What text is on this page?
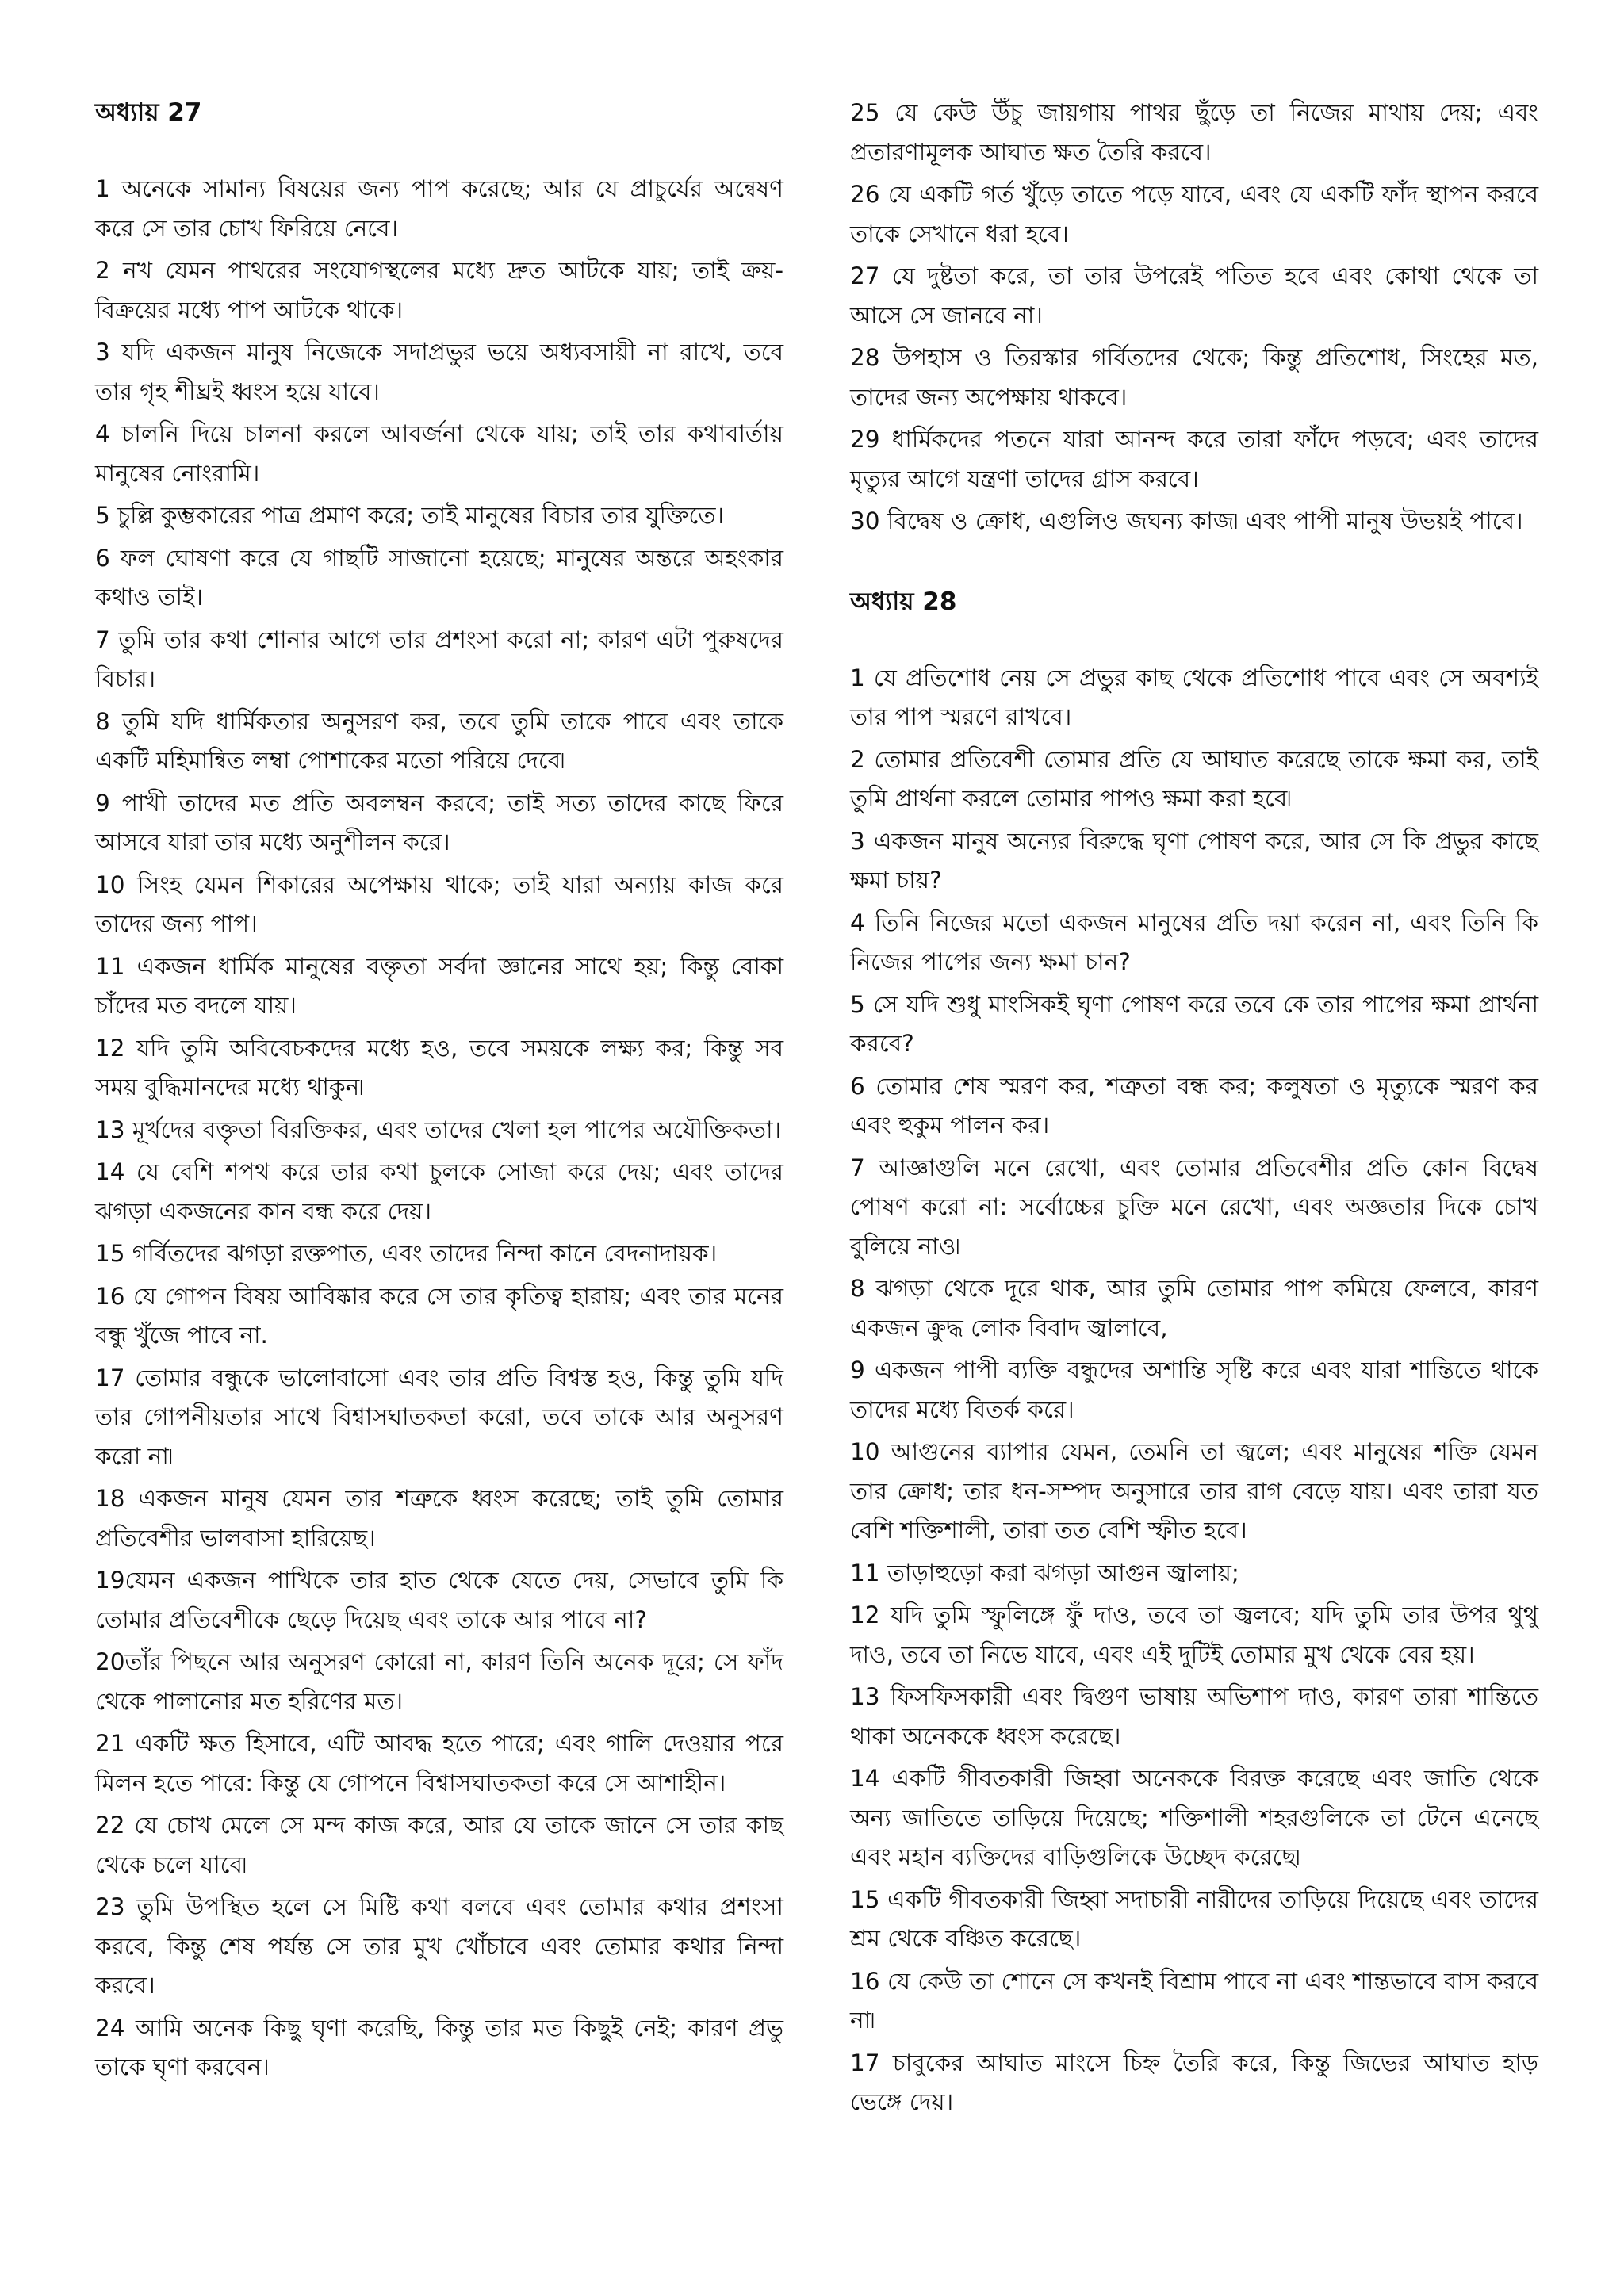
অধ্যায় 27

1 অনেকে সামান্য বিষয়ের জন্য পাপ করেছে; আর যে প্রাচুর্যের অন্বেষণ করে সে তার চোখ ফিরিয়ে নেবে।

2 নখ যেমন পাথরের সংযোগস্থলের মধ্যে দ্রুত আটকে যায়; তাই ক্রয়-বিক্রয়ের মধ্যে পাপ আটকে থাকে।

3 যদি একজন মানুষ নিজেকে সদাপ্রভুর ভয়ে অধ্যবসায়ী না রাখে, তবে তার গৃহ শীঘ্রই ধ্বংস হয়ে যাবে।

4 চালনি দিয়ে চালনা করলে আবর্জনা থেকে যায়; তাই তার কথাবার্তায় মানুষের নোংরামি।

5 চুল্লি কুম্ভকারের পাত্র প্রমাণ করে; তাই মানুষের বিচার তার যুক্তিতে।

6 ফল ঘোষণা করে যে গাছটি সাজানো হয়েছে; মানুষের অন্তরে অহংকার কথাও তাই।

7 তুমি তার কথা শোনার আগে তার প্রশংসা করো না; কারণ এটা পুরুষদের বিচার।

8 তুমি যদি ধার্মিকতার অনুসরণ কর, তবে তুমি তাকে পাবে এবং তাকে একটি মহিমান্বিত লম্বা পোশাকের মতো পরিয়ে দেবে৷

9 পাখী তাদের মত প্রতি অবলম্বন করবে; তাই সত্য তাদের কাছে ফিরে আসবে যারা তার মধ্যে অনুশীলন করে।

10 সিংহ যেমন শিকারের অপেক্ষায় থাকে; তাই যারা অন্যায় কাজ করে তাদের জন্য পাপ।

11 একজন ধার্মিক মানুষের বক্তৃতা সর্বদা জ্ঞানের সাথে হয়; কিন্তু বোকা চাঁদের মত বদলে যায়।

12 যদি তুমি অবিবেচকদের মধ্যে হও, তবে সময়কে লক্ষ্য কর; কিন্তু সব সময় বুদ্ধিমানদের মধ্যে থাকুন৷

13 মূর্খদের বক্তৃতা বিরক্তিকর, এবং তাদের খেলা হল পাপের অযৌক্তিকতা।

14 যে বেশি শপথ করে তার কথা চুলকে সোজা করে দেয়; এবং তাদের ঝগড়া একজনের কান বন্ধ করে দেয়।

15 গর্বিতদের ঝগড়া রক্তপাত, এবং তাদের নিন্দা কানে বেদনাদায়ক।

16 যে গোপন বিষয় আবিষ্কার করে সে তার কৃতিত্ব হারায়; এবং তার মনের বন্ধু খুঁজে পাবে না.

17 তোমার বন্ধুকে ভালোবাসো এবং তার প্রতি বিশ্বস্ত হও, কিন্তু তুমি যদি তার গোপনীয়তার সাথে বিশ্বাসঘাতকতা করো, তবে তাকে আর অনুসরণ করো না৷

18 একজন মানুষ যেমন তার শত্রুকে ধ্বংস করেছে; তাই তুমি তোমার প্রতিবেশীর ভালবাসা হারিয়েছ।

19যেমন একজন পাখিকে তার হাত থেকে যেতে দেয়, সেভাবে তুমি কি তোমার প্রতিবেশীকে ছেড়ে দিয়েছ এবং তাকে আর পাবে না?

20তাঁর পিছনে আর অনুসরণ কোরো না, কারণ তিনি অনেক দূরে; সে ফাঁদ থেকে পালানোর মত হরিণের মত।

21 একটি ক্ষত হিসাবে, এটি আবদ্ধ হতে পারে; এবং গালি দেওয়ার পরে মিলন হতে পারে: কিন্তু যে গোপনে বিশ্বাসঘাতকতা করে সে আশাহীন।

22 যে চোখ মেলে সে মন্দ কাজ করে, আর যে তাকে জানে সে তার কাছ থেকে চলে যাবে৷

23 তুমি উপস্থিত হলে সে মিষ্টি কথা বলবে এবং তোমার কথার প্রশংসা করবে, কিন্তু শেষ পর্যন্ত সে তার মুখ খোঁচাবে এবং তোমার কথার নিন্দা করবে।

24 আমি অনেক কিছু ঘৃণা করেছি, কিন্তু তার মত কিছুই নেই; কারণ প্রভু তাকে ঘৃণা করবেন।

25 যে কেউ উঁচু জায়গায় পাথর ছুঁড়ে তা নিজের মাথায় দেয়; এবং প্রতারণামূলক আঘাত ক্ষত তৈরি করবে।

26 যে একটি গর্ত খুঁড়ে তাতে পড়ে যাবে, এবং যে একটি ফাঁদ স্থাপন করবে তাকে সেখানে ধরা হবে।

27 যে দুষ্টতা করে, তা তার উপরেই পতিত হবে এবং কোথা থেকে তা আসে সে জানবে না।

28 উপহাস ও তিরস্কার গর্বিতদের থেকে; কিন্তু প্রতিশোধ, সিংহের মত, তাদের জন্য অপেক্ষায় থাকবে।

29 ধার্মিকদের পতনে যারা আনন্দ করে তারা ফাঁদে পড়বে; এবং তাদের মৃত্যুর আগে যন্ত্রণা তাদের গ্রাস করবে।

30 বিদ্বেষ ও ক্রোধ, এগুলিও জঘন্য কাজ৷ এবং পাপী মানুষ উভয়ই পাবে।

অধ্যায় 28

1 যে প্রতিশোধ নেয় সে প্রভুর কাছ থেকে প্রতিশোধ পাবে এবং সে অবশ্যই তার পাপ স্মরণে রাখবে।

2 তোমার প্রতিবেশী তোমার প্রতি যে আঘাত করেছে তাকে ক্ষমা কর, তাই তুমি প্রার্থনা করলে তোমার পাপও ক্ষমা করা হবে৷

3 একজন মানুষ অন্যের বিরুদ্ধে ঘৃণা পোষণ করে, আর সে কি প্রভুর কাছে ক্ষমা চায়?

4 তিনি নিজের মতো একজন মানুষের প্রতি দয়া করেন না, এবং তিনি কি নিজের পাপের জন্য ক্ষমা চান?

5 সে যদি শুধু মাংসিকই ঘৃণা পোষণ করে তবে কে তার পাপের ক্ষমা প্রার্থনা করবে?

6 তোমার শেষ স্মরণ কর, শত্রুতা বন্ধ কর; কলুষতা ও মৃত্যুকে স্মরণ কর এবং হুকুম পালন কর।

7 আজ্ঞাগুলি মনে রেখো, এবং তোমার প্রতিবেশীর প্রতি কোন বিদ্বেষ পোষণ করো না: সর্বোচ্চের চুক্তি মনে রেখো, এবং অজ্ঞতার দিকে চোখ বুলিয়ে নাও৷

8 ঝগড়া থেকে দূরে থাক, আর তুমি তোমার পাপ কমিয়ে ফেলবে, কারণ একজন ক্রুদ্ধ লোক বিবাদ জ্বালাবে,

9 একজন পাপী ব্যক্তি বন্ধুদের অশান্তি সৃষ্টি করে এবং যারা শান্তিতে থাকে তাদের মধ্যে বিতর্ক করে।

10 আগুনের ব্যাপার যেমন, তেমনি তা জ্বলে; এবং মানুষের শক্তি যেমন তার ক্রোধ; তার ধন-সম্পদ অনুসারে তার রাগ বেড়ে যায়। এবং তারা যত বেশি শক্তিশালী, তারা তত বেশি স্ফীত হবে।

11 তাড়াহুড়ো করা ঝগড়া আগুন জ্বালায়;

12 যদি তুমি স্ফুলিঙ্গে ফুঁ দাও, তবে তা জ্বলবে; যদি তুমি তার উপর থুথু দাও, তবে তা নিভে যাবে, এবং এই দুটিই তোমার মুখ থেকে বের হয়।

13 ফিসফিসকারী এবং দ্বিগুণ ভাষায় অভিশাপ দাও, কারণ তারা শান্তিতে থাকা অনেককে ধ্বংস করেছে।

14 একটি গীবতকারী জিহ্বা অনেককে বিরক্ত করেছে এবং জাতি থেকে অন্য জাতিতে তাড়িয়ে দিয়েছে; শক্তিশালী শহরগুলিকে তা টেনে এনেছে এবং মহান ব্যক্তিদের বাড়িগুলিকে উচ্ছেদ করেছে৷

15 একটি গীবতকারী জিহ্বা সদাচারী নারীদের তাড়িয়ে দিয়েছে এবং তাদের শ্রম থেকে বঞ্চিত করেছে।

16 যে কেউ তা শোনে সে কখনই বিশ্রাম পাবে না এবং শান্তভাবে বাস করবে না৷

17 চাবুকের আঘাত মাংসে চিহ্ন তৈরি করে, কিন্তু জিভের আঘাত হাড় ভেঙ্গে দেয়।
